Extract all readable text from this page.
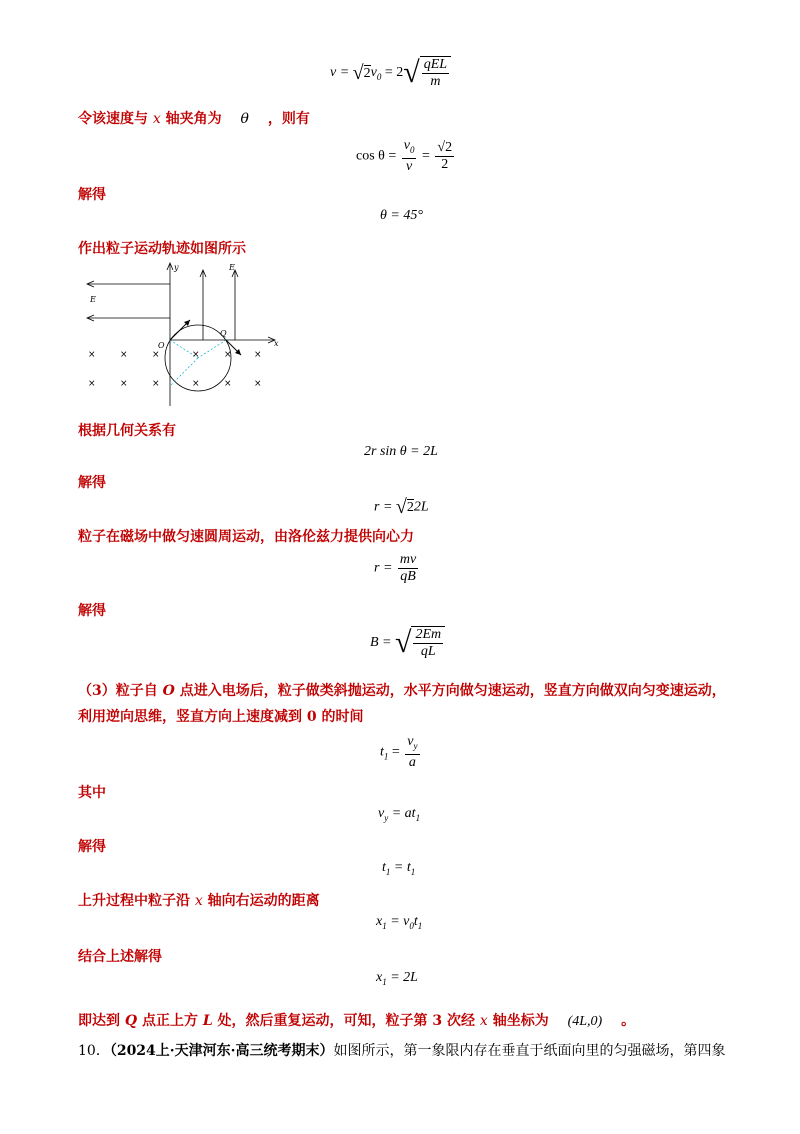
$v = √2v_0 = 2√ \frac{\text{qEL}}{m}$
令该速度与 x 轴夹角为 θ ，则有
$\cos \theta = \frac{v_0}{v} = \frac{√2}{2}$
解得
θ = 45°
作出粒子运动轨迹如图所示
y
x
E
E
O
Q
×	×	×	×	× ×
×	×	×	×	× ×
根据几何关系有
2r sin θ = 2L
解得
r = √22L
粒子在磁场中做匀速圆周运动，由洛伦兹力提供向心力
$r = \frac{mv}{qB}$
解得
B = √ $\frac{2Em}{qL}$
（3）粒子自 O 点进入电场后，粒子做类斜抛运动，水平方向做匀速运动，竖直方向做双向匀变速运动，
利用逆向思维，竖直方向上速度减到 0 的时间
$t_1 = \frac{v_y}{a}$
其中
$v_y = at_1$
解得
$t_1 = t_1$
上升过程中粒子沿 x 轴向右运动的距离
$x_1 = v_0t_1$
结合上述解得
$x_1 = 2L$
即达到 Q 点正上方 L 处，然后重复运动，可知，粒子第 3 次经 x 轴坐标为 (4L,0) 。
10．（2024上·天津河东·高三统考期末）如图所示，第一象限内存在垂直于纸面向里的匀强磁场，第四象
